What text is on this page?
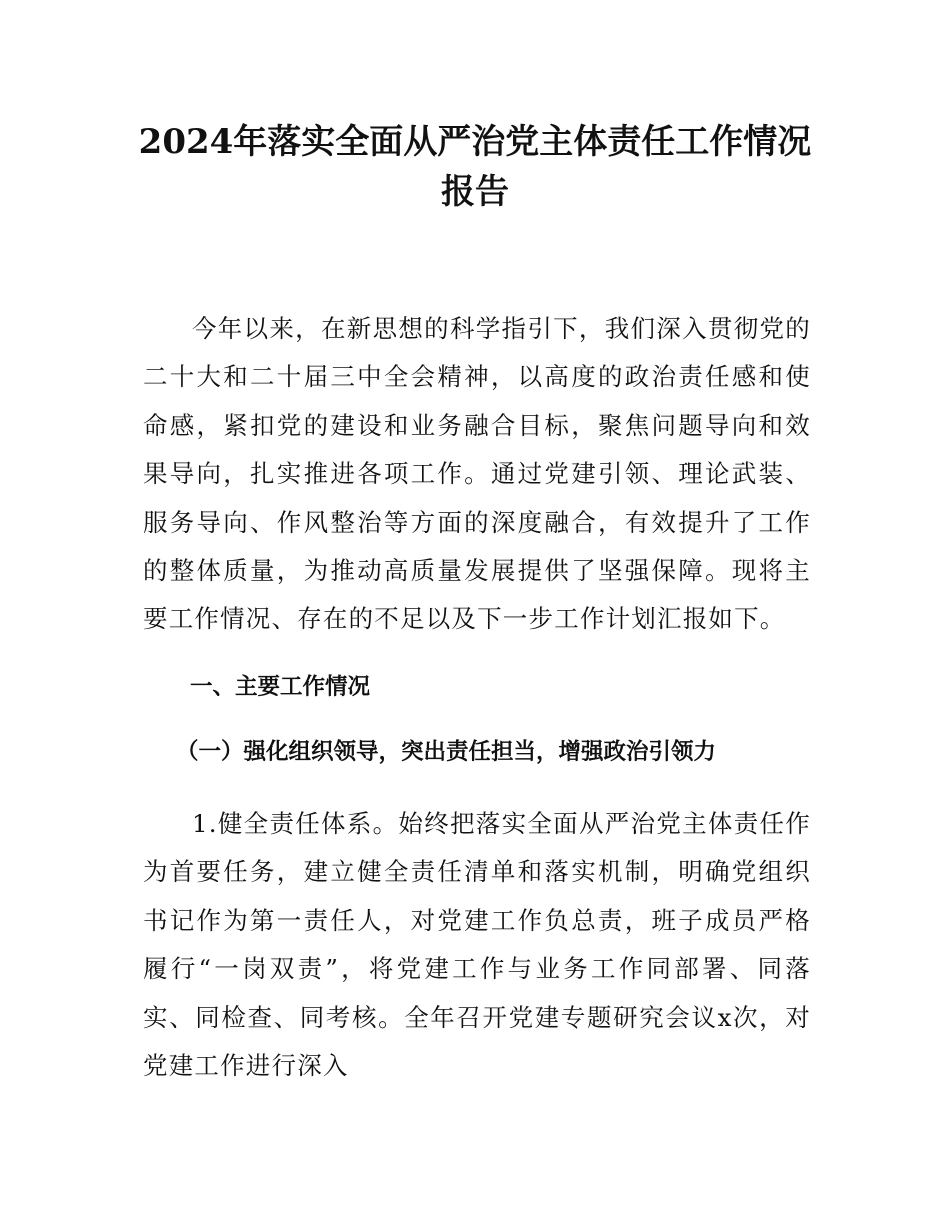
2024年落实全面从严治党主体责任工作情况
报告

今年以来，在新思想的科学指引下，我们深入贯彻党的二十大和二十届三中全会精神，以高度的政治责任感和使命感，紧扣党的建设和业务融合目标，聚焦问题导向和效果导向，扎实推进各项工作。通过党建引领、理论武装、服务导向、作风整治等方面的深度融合，有效提升了工作的整体质量，为推动高质量发展提供了坚强保障。现将主要工作情况、存在的不足以及下一步工作计划汇报如下。

一、主要工作情况
（一）强化组织领导，突出责任担当，增强政治引领力

1.健全责任体系。始终把落实全面从严治党主体责任作为首要任务，建立健全责任清单和落实机制，明确党组织书记作为第一责任人，对党建工作负总责，班子成员严格履行“一岗双责”，将党建工作与业务工作同部署、同落实、同检查、同考核。全年召开党建专题研究会议x次，对党建工作进行深入
